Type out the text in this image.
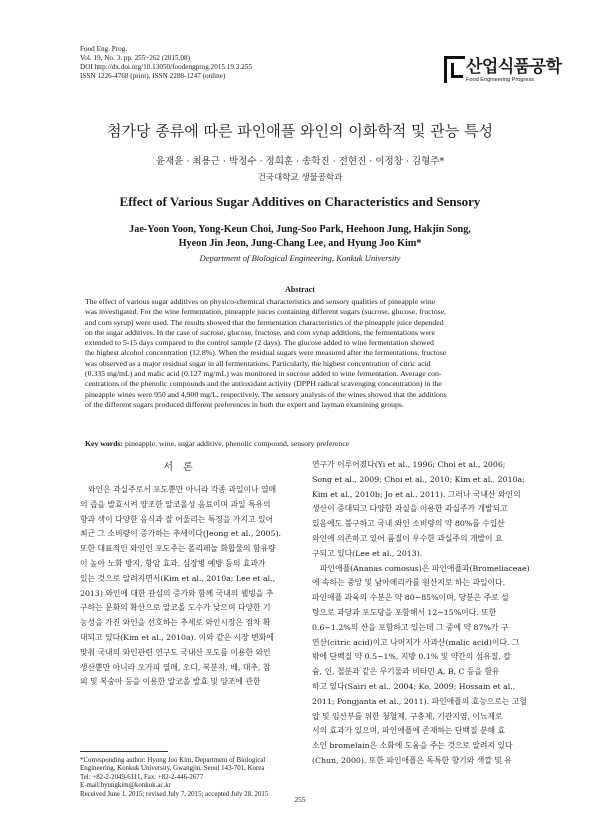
Food Eng. Prog.
Vol. 19, No. 3. pp. 255~262 (2015.08)
DOI http://dx.doi.org/10.13050/foodengprog.2015.19.3.255
ISSN 1226-4768 (print), ISSN 2288-1247 (online)	산업식품공학
Food Engineering Progress
첨가당 종류에 따른 파인애플 와인의 이화학적 및 관능 특성
윤재윤 · 최용근 · 박정수 · 정희훈 · 송학진 · 전현진 · 이정창 · 김형주*
건국대학교 생물공학과
Effect of Various Sugar Additives on Characteristics and Sensory
Jae-Yoon Yoon, Yong-Keun Choi, Jung-Soo Park, Heehoon Jung, Hakjin Song,
Hyeon Jin Jeon, Jung-Chang Lee, and Hyung Joo Kim*
Department of Biological Engineering, Konkuk University
Abstract
The effect of various sugar additives on physico-chemical characteristics and sensory qualities of pineapple wine
was investigated. For the wine fermentation, pineapple juices containing different sugars (sucrose, glucose, fructose,
and corn syrup) were used. The results showed that the fermentation characteristics of the pineapple juice depended
on the sugar additives. In the case of sucrose, glucose, fructose, and corn syrup additions, the fermentations were
extended to 5-15 days compared to the control sample (2 days). The glucose added to wine fermentation showed
the highest alcohol concentration (12.8%). When the residual sugars were measured after the fermentations, fructose
was observed as a major residual sugar in all fermentations. Particularly, the highest concentration of citric acid
(0.335 mg/mL) and malic acid (0.127 mg/mL) was monitored in sucrose added to wine fermentation. Average con-
centrations of the phenolic compounds and the antioxidant activity (DPPH radical scavenging concentration) in the
pineapple wines were 950 and 4,900 mg/L, respectively. The sensory analysis of the wines showed that the additions
of the different sugars produced different preferences in both the expert and layman examining groups.
Key words: pineapple, wine, sugar additive, phenolic compound, sensory preference
서론
와인은 과실주로서 포도뿐만 아니라 각종 과일이나 열매
의 즙을 발효시켜 양조한 알코올성 음료이며 과일 특유의
향과 색이 다양한 음식과 잘 어울리는 특징을 가지고 있어
최근 그 소비량이 증가하는 추세이다(Jeong et al., 2005).
또한 대표적인 와인인 포도주는 폴리페놀 화합물의 함유량
이 높아 노화 방지, 항암 효과, 심장병 예방 등의 효과가
있는 것으로 알려지면서(Kim et al., 2010a; Lee et al.,
2013) 와인에 대한 관심의 증가와 함께 국내의 웰빙을 추
구하는 문화의 확산으로 알코올 도수가 낮으며 다양한 기
능성을 가진 와인을 선호하는 추세로 와인시장은 점차 확
대되고 있다(Kim et al., 2010a). 이와 같은 시장 변화에
맞춰 국내의 와인관련 연구도 국내산 포도를 이용한 와인
생산뿐만 아니라 오가피 열매, 오디, 복분자, 배, 대추, 참
외 및 복숭아 등을 이용한 알코올 발효 및 양조에 관한
연구가 이루어졌다(Yi et al., 1996; Choi et al., 2006;
Song et al., 2009; Choi et al., 2010; Kim et al., 2010a;
Kim et al., 2010b; Jo et al., 2011). 그러나 국내산 와인의
생산이 증대되고 다양한 과실을 이용한 과실주가 개발되고
있음에도 불구하고 국내 와인 소비량의 약 80%를 수입산
와인에 의존하고 있어 품질이 우수한 과실주의 개발이 요
구되고 있다(Lee et al., 2013).
파인애플(Ananas comosus)은 파인애플과(Bromeliaceae)
에 속하는 중앙 및 남아메리카를 원산지로 하는 과일이다.
파인애플 과육의 수분은 약 80~85%이며, 당분은 주로 설
탕으로 과당과 포도당을 포함해서 12~15%이다. 또한
0.6~1.2%의 산을 포함하고 있는데 그 중에 약 87%가 구
연산(citric acid)이고 나머지가 사과산(malic acid)이다. 그
밖에 단백질 약 0.5~1%, 지방 0.1% 및 약간의 섬유질, 칼
슘, 인, 철분과 같은 무기물과 비타민 A, B, C 등을 함유
하고 있다(Sairi et al., 2004; Ko, 2009; Hossain et al.,
2011; Pongjanta et al., 2011). 파인애플의 효능으로는 고혈
압 및 임산부를 위한 청혈제, 구충제, 기관지염, 이뇨제로
서의 효과가 있으며, 파인애플에 존재하는 단백질 분해 효
소인 bromelain은 소화에 도움을 주는 것으로 알려져 있다
(Chun, 2000). 또한 파인애플은 독특한 향기와 색깔 및 유
*Corresponding author: Hyung Joo Kim, Department of Biological
Engineering, Konkuk University, Gwangjin, Seoul 143-701, Korea
Tel: +82-2-2049-6111, Fax: +82-2-446-2677
E-mail:hyungkim@konkuk.ac.kr
Received June 1, 2015; revised July 7, 2015; accepted July 28, 2015
255
